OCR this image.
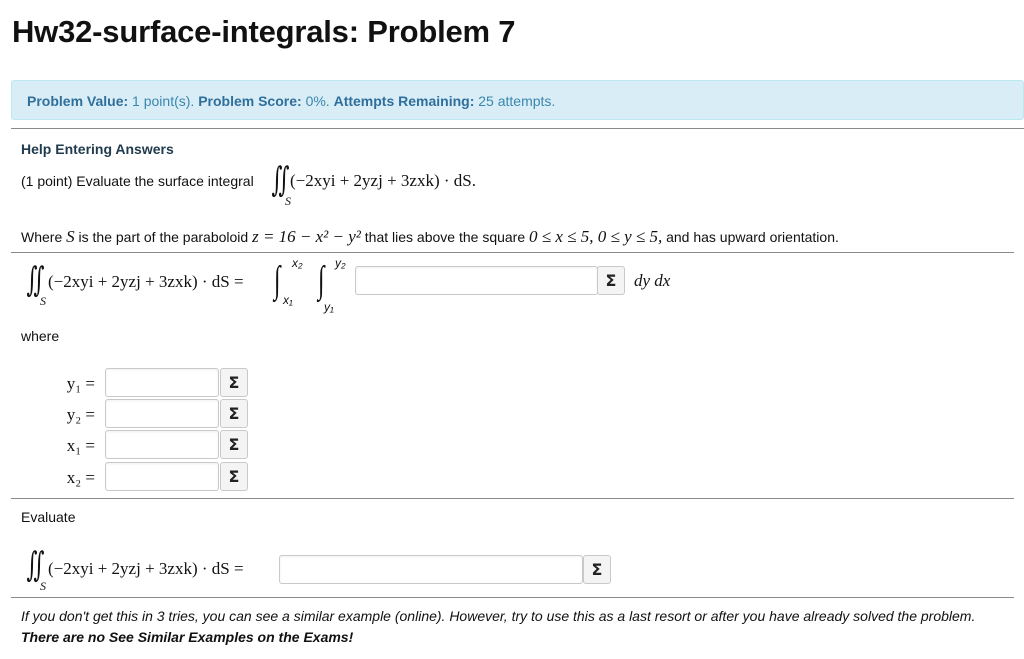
Hw32-surface-integrals: Problem 7
Problem Value: 1 point(s). Problem Score: 0%. Attempts Remaining: 25 attempts.
Help Entering Answers
(1 point) Evaluate the surface integral $∬_S$
(−2xyi + 2yzj + 3zxk) · dS.
Where S is the part of the paraboloid z = 16 − x² − y² that lies above the square 0 ≤ x ≤ 5, 0 ≤ y ≤ 5, and has upward orientation.
$∬_S$
(−2xyi + 2yzj + 3zxk) · dS = ∫ x₂
x₁ ∫ y₂
y₁
Σ	dy dx
where
y₁ =	Σ
y₂ =	Σ
x₁ =	Σ
x₂ =	Σ
Evaluate
$∬_S$
(−2xyi + 2yzj + 3zxk) · dS =	Σ
If you don't get this in 3 tries, you can see a similar example (online). However, try to use this as a last resort or after you have already solved the problem. There are no See Similar Examples on the Exams!
